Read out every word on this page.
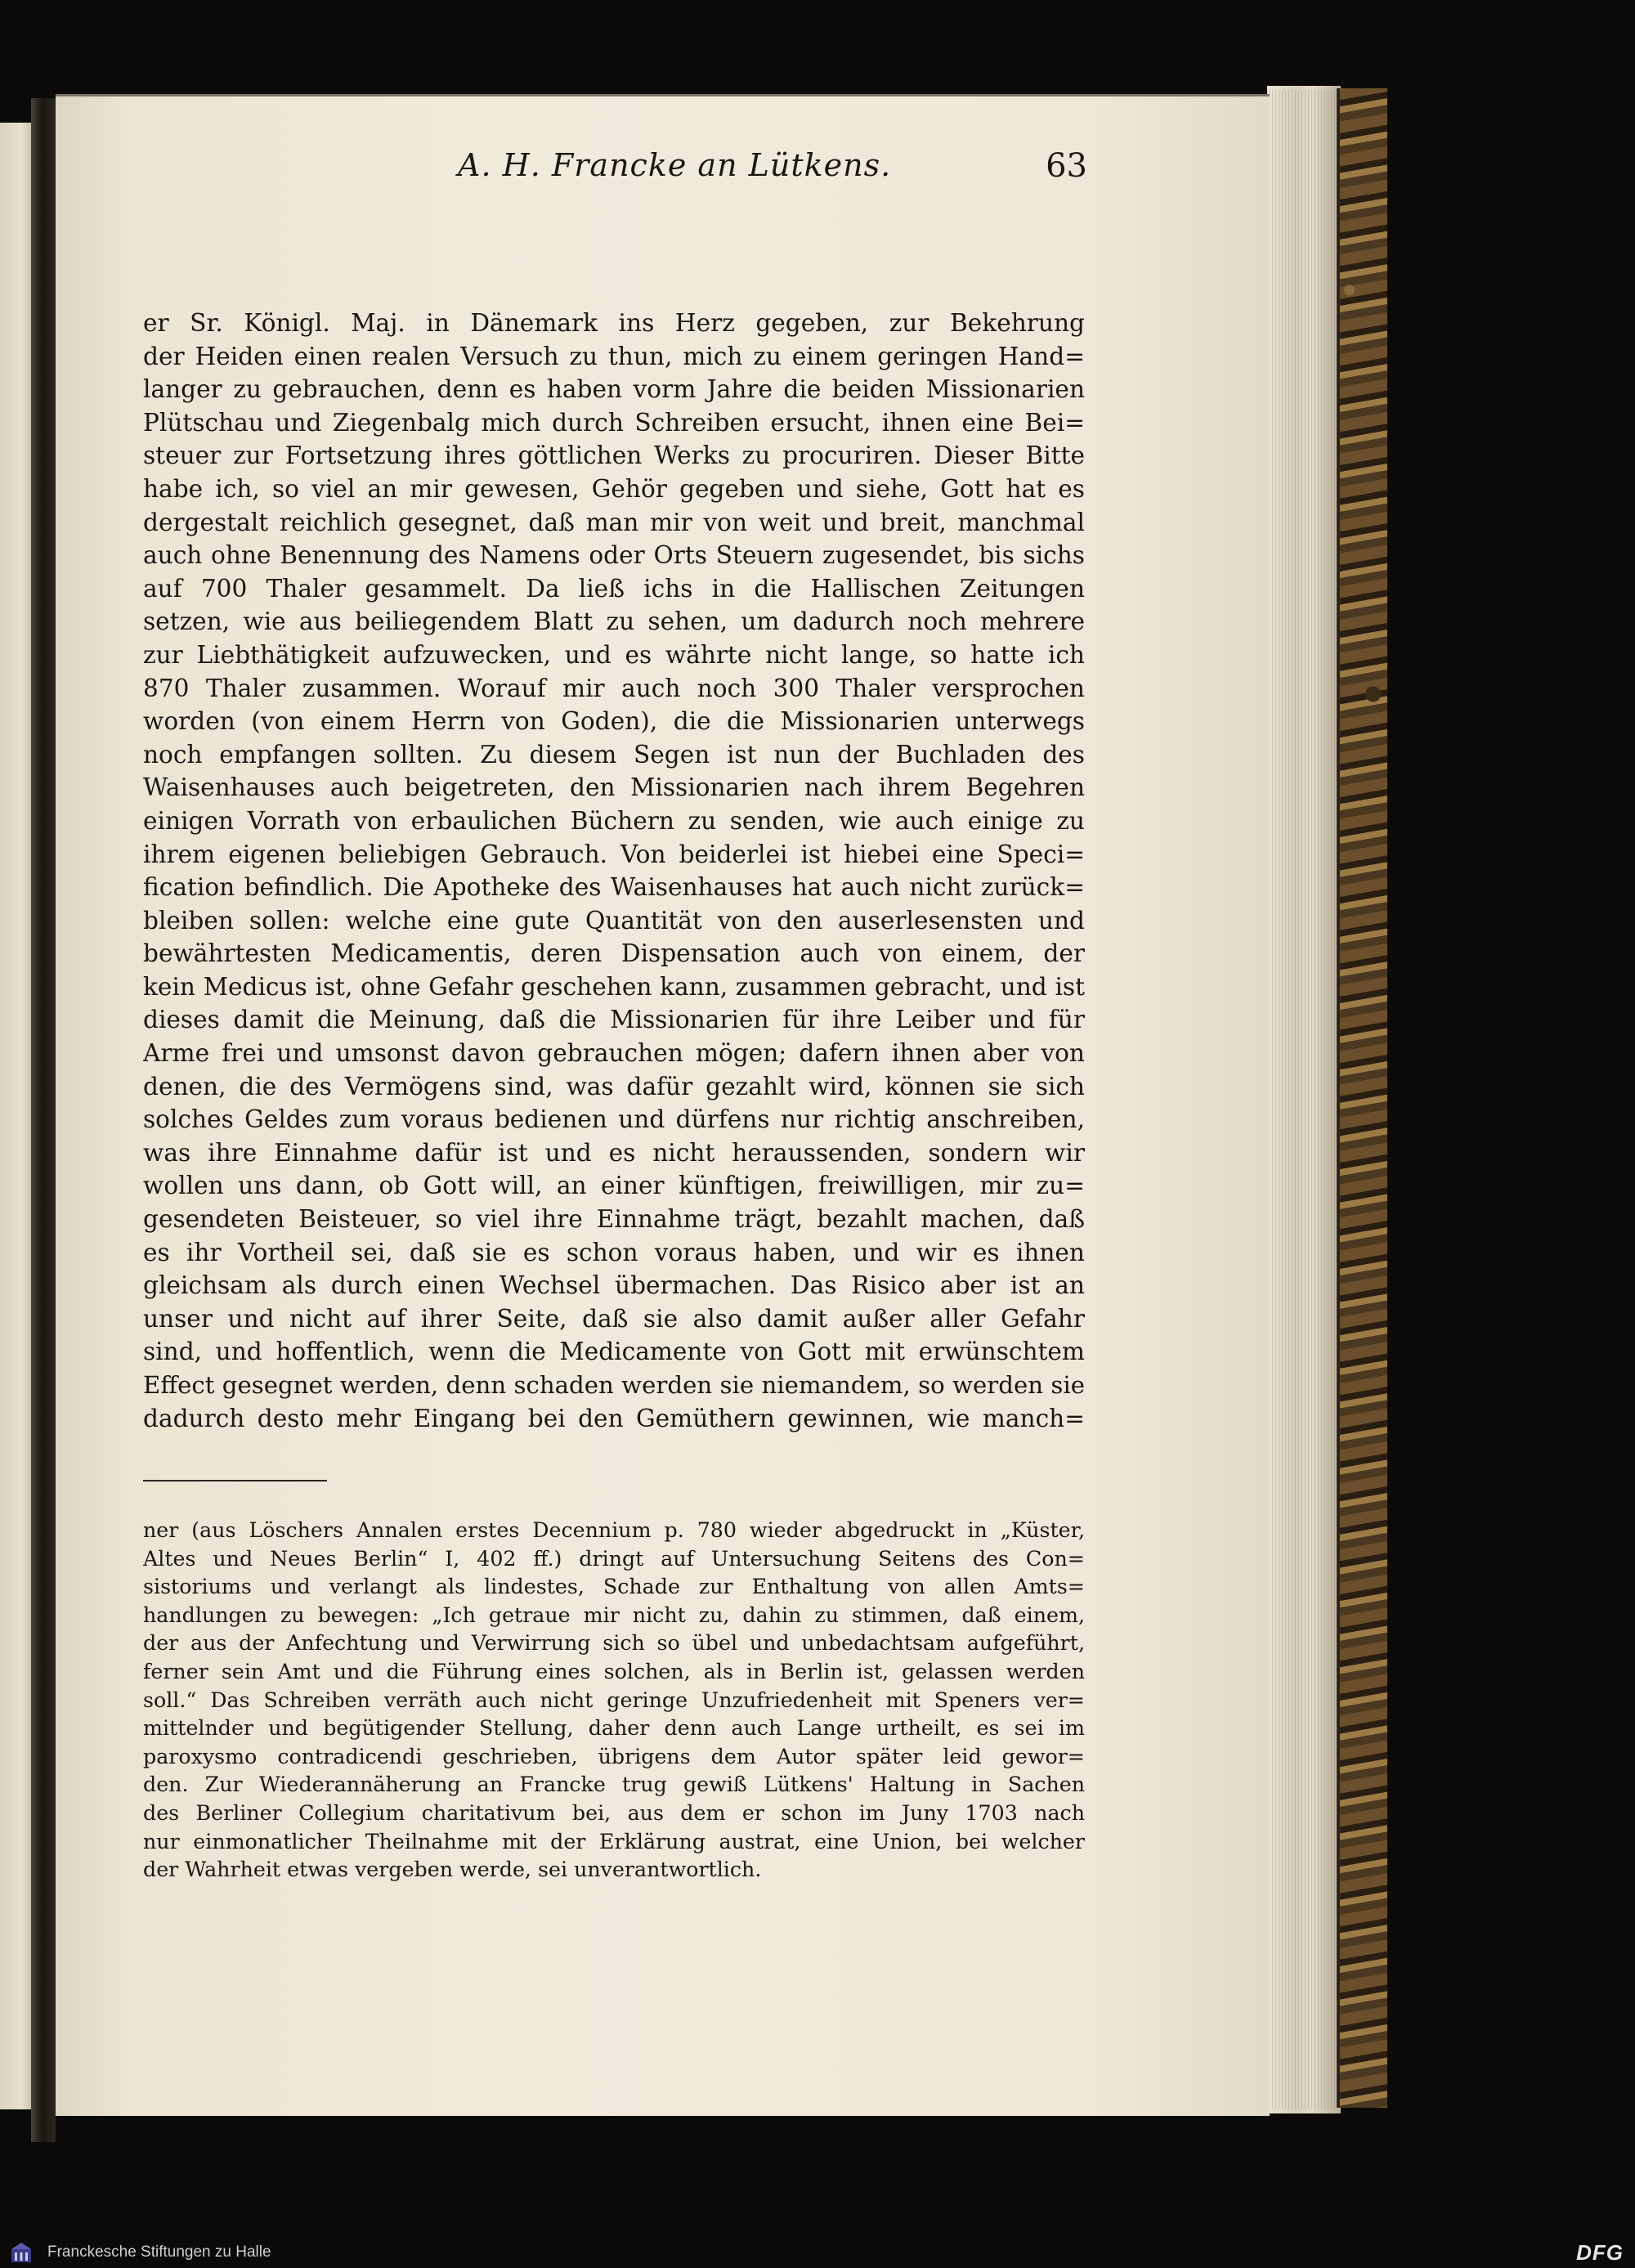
A. H. Francke an Lütkens.	63
er Sr. Königl. Maj. in Dänemark ins Herz gegeben, zur Bekehrung
der Heiden einen realen Versuch zu thun, mich zu einem geringen Hand=
langer zu gebrauchen, denn es haben vorm Jahre die beiden Missionarien
Plütschau und Ziegenbalg mich durch Schreiben ersucht, ihnen eine Bei=
steuer zur Fortsetzung ihres göttlichen Werks zu procuriren. Dieser Bitte
habe ich, so viel an mir gewesen, Gehör gegeben und siehe, Gott hat es
dergestalt reichlich gesegnet, daß man mir von weit und breit, manchmal
auch ohne Benennung des Namens oder Orts Steuern zugesendet, bis sichs
auf 700 Thaler gesammelt. Da ließ ichs in die Hallischen Zeitungen
setzen, wie aus beiliegendem Blatt zu sehen, um dadurch noch mehrere
zur Liebthätigkeit aufzuwecken, und es währte nicht lange, so hatte ich
870 Thaler zusammen. Worauf mir auch noch 300 Thaler versprochen
worden (von einem Herrn von Goden), die die Missionarien unterwegs
noch empfangen sollten. Zu diesem Segen ist nun der Buchladen des
Waisenhauses auch beigetreten, den Missionarien nach ihrem Begehren
einigen Vorrath von erbaulichen Büchern zu senden, wie auch einige zu
ihrem eigenen beliebigen Gebrauch. Von beiderlei ist hiebei eine Speci=
fication befindlich. Die Apotheke des Waisenhauses hat auch nicht zurück=
bleiben sollen: welche eine gute Quantität von den auserlesensten und
bewährtesten Medicamentis, deren Dispensation auch von einem, der
kein Medicus ist, ohne Gefahr geschehen kann, zusammen gebracht, und ist
dieses damit die Meinung, daß die Missionarien für ihre Leiber und für
Arme frei und umsonst davon gebrauchen mögen; dafern ihnen aber von
denen, die des Vermögens sind, was dafür gezahlt wird, können sie sich
solches Geldes zum voraus bedienen und dürfens nur richtig anschreiben,
was ihre Einnahme dafür ist und es nicht heraussenden, sondern wir
wollen uns dann, ob Gott will, an einer künftigen, freiwilligen, mir zu=
gesendeten Beisteuer, so viel ihre Einnahme trägt, bezahlt machen, daß
es ihr Vortheil sei, daß sie es schon voraus haben, und wir es ihnen
gleichsam als durch einen Wechsel übermachen. Das Risico aber ist an
unser und nicht auf ihrer Seite, daß sie also damit außer aller Gefahr
sind, und hoffentlich, wenn die Medicamente von Gott mit erwünschtem
Effect gesegnet werden, denn schaden werden sie niemandem, so werden sie
dadurch desto mehr Eingang bei den Gemüthern gewinnen, wie manch=
ner (aus Löschers Annalen erstes Decennium p. 780 wieder abgedruckt in „Küster,
Altes und Neues Berlin“ I, 402 ff.) dringt auf Untersuchung Seitens des Con=
sistoriums und verlangt als lindestes, Schade zur Enthaltung von allen Amts=
handlungen zu bewegen: „Ich getraue mir nicht zu, dahin zu stimmen, daß einem,
der aus der Anfechtung und Verwirrung sich so übel und unbedachtsam aufgeführt,
ferner sein Amt und die Führung eines solchen, als in Berlin ist, gelassen werden
soll.“ Das Schreiben verräth auch nicht geringe Unzufriedenheit mit Speners ver=
mittelnder und begütigender Stellung, daher denn auch Lange urtheilt, es sei im
paroxysmo contradicendi geschrieben, übrigens dem Autor später leid gewor=
den. Zur Wiederannäherung an Francke trug gewiß Lütkens' Haltung in Sachen
des Berliner Collegium charitativum bei, aus dem er schon im Juny 1703 nach
nur einmonatlicher Theilnahme mit der Erklärung austrat, eine Union, bei welcher
der Wahrheit etwas vergeben werde, sei unverantwortlich.
Franckesche Stiftungen zu Halle	DFG
